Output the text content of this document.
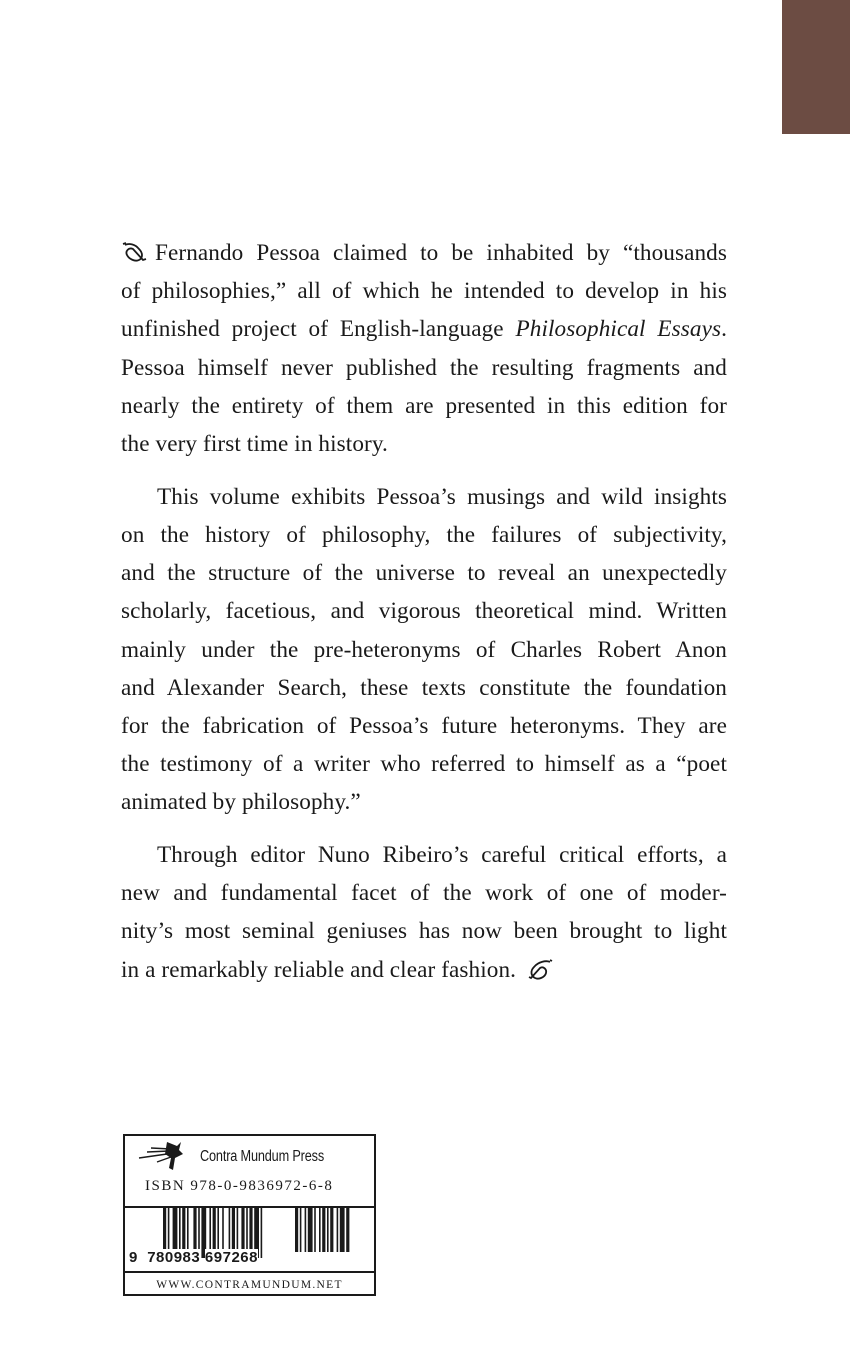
Fernando Pessoa claimed to be inhabited by “thousands
of philosophies,” all of which he intended to develop in his
unfinished project of English-language Philosophical Essays.
Pessoa himself never published the resulting fragments and
nearly the entirety of them are presented in this edition for
the very first time in history.

This volume exhibits Pessoa’s musings and wild insights
on the history of philosophy, the failures of subjectivity,
and the structure of the universe to reveal an unexpectedly
scholarly, facetious, and vigorous theoretical mind. Written
mainly under the pre-heteronyms of Charles Robert Anon
and Alexander Search, these texts constitute the foundation
for the fabrication of Pessoa’s future heteronyms. They are
the testimony of a writer who referred to himself as a “poet
animated by philosophy.”

Through editor Nuno Ribeiro’s careful critical efforts, a
new and fundamental facet of the work of one of moder-
nity’s most seminal geniuses has now been brought to light
in a remarkably reliable and clear fashion.

Contra Mundum Press
ISBN 978-0-9836972-6-8
9 780983 697268
WWW.CONTRAMUNDUM.NET
